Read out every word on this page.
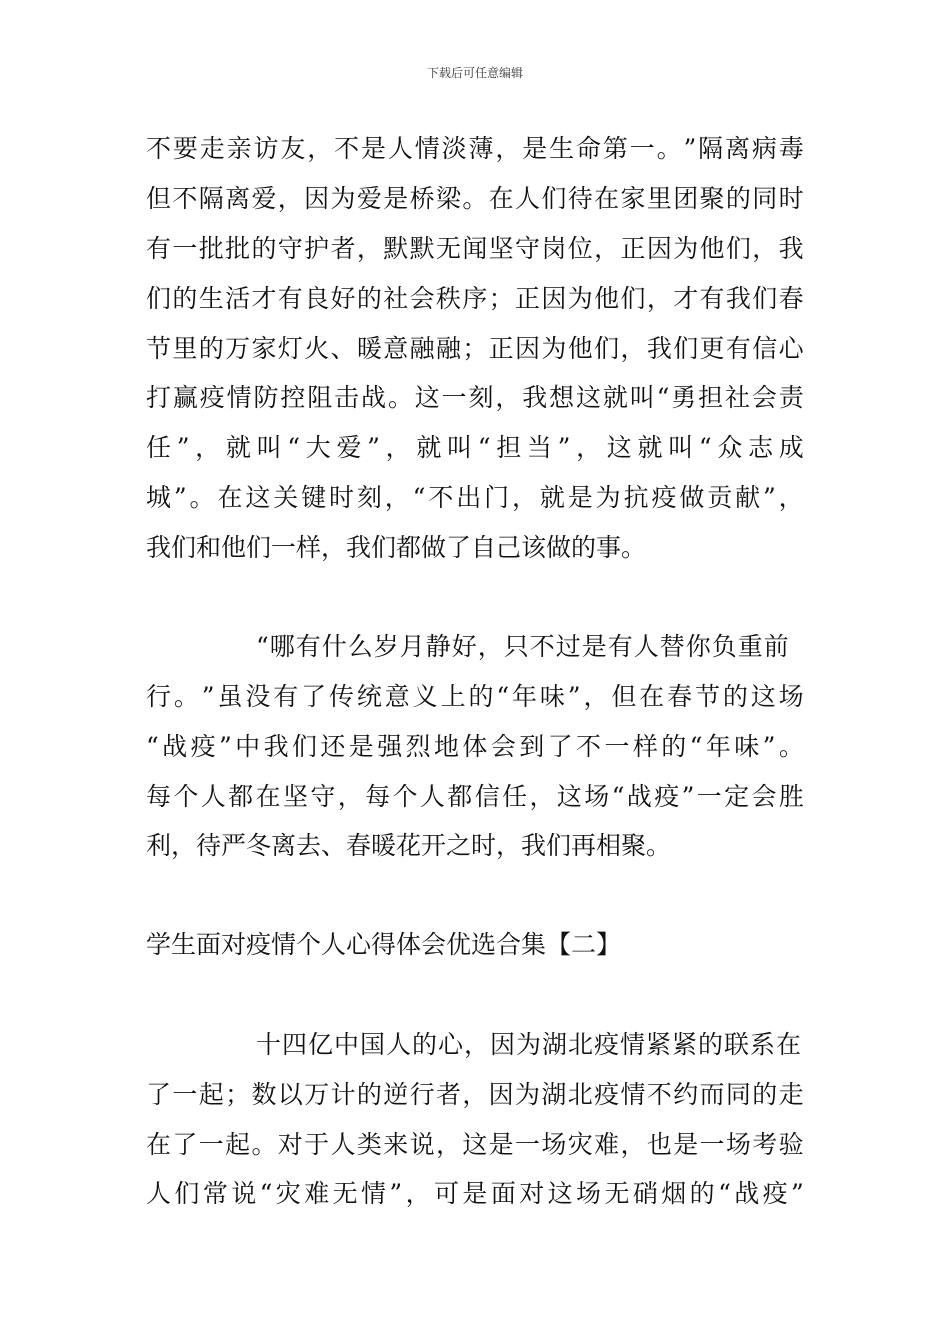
下载后可任意编辑
不 要 走 亲 访 友 ， 不 是 人 情 淡 薄 ， 是 生 命 第 一 。 ” 隔 离 病 毒
但 不 隔 离 爱 ， 因 为 爱 是 桥 梁 。 在 人 们 待 在 家 里 团 聚 的 同 时
有 一 批 批 的 守 护 者 ， 默 默 无 闻 坚 守 岗 位 ， 正 因 为 他 们 ， 我
们 的 生 活 才 有 良 好 的 社 会 秩 序 ； 正 因 为 他 们 ， 才 有 我 们 春
节 里 的 万 家 灯 火 、 暖 意 融 融 ； 正 因 为 他 们 ， 我 们 更 有 信 心
打 赢 疫 情 防 控 阻 击 战 。 这 一 刻 ， 我 想 这 就 叫 “ 勇 担 社 会 责
任 ” ， 就 叫 “ 大 爱 ” ， 就 叫 “ 担 当 ” ， 这 就 叫 “ 众 志 成
城 ” 。 在 这 关 键 时 刻 ， “ 不 出 门 ， 就 是 为 抗 疫 做 贡 献 ” ，
我们和他们一样，我们都做了自己该做的事。
“哪有什么岁月静好，只不过是有人替你负重前
行 。 ” 虽 没 有 了 传 统 意 义 上 的 “ 年 味 ” ， 但 在 春 节 的 这 场
“ 战 疫 ” 中 我 们 还 是 强 烈 地 体 会 到 了 不 一 样 的 “ 年 味 ” 。
每 个 人 都 在 坚 守 ， 每 个 人 都 信 任 ， 这 场 “ 战 疫 ” 一 定 会 胜
利，待严冬离去、春暖花开之时，我们再相聚。
学生面对疫情个人心得体会优选合集【二】
十四亿中国人的心，因为湖北疫情紧紧的联系在
了 一 起 ； 数 以 万 计 的 逆 行 者 ， 因 为 湖 北 疫 情 不 约 而 同 的 走
在 了 一 起 。 对 于 人 类 来 说 ， 这 是 一 场 灾 难 ， 也 是 一 场 考 验
人 们 常 说 “ 灾 难 无 情 ” ， 可 是 面 对 这 场 无 硝 烟 的 “ 战 疫 ”
